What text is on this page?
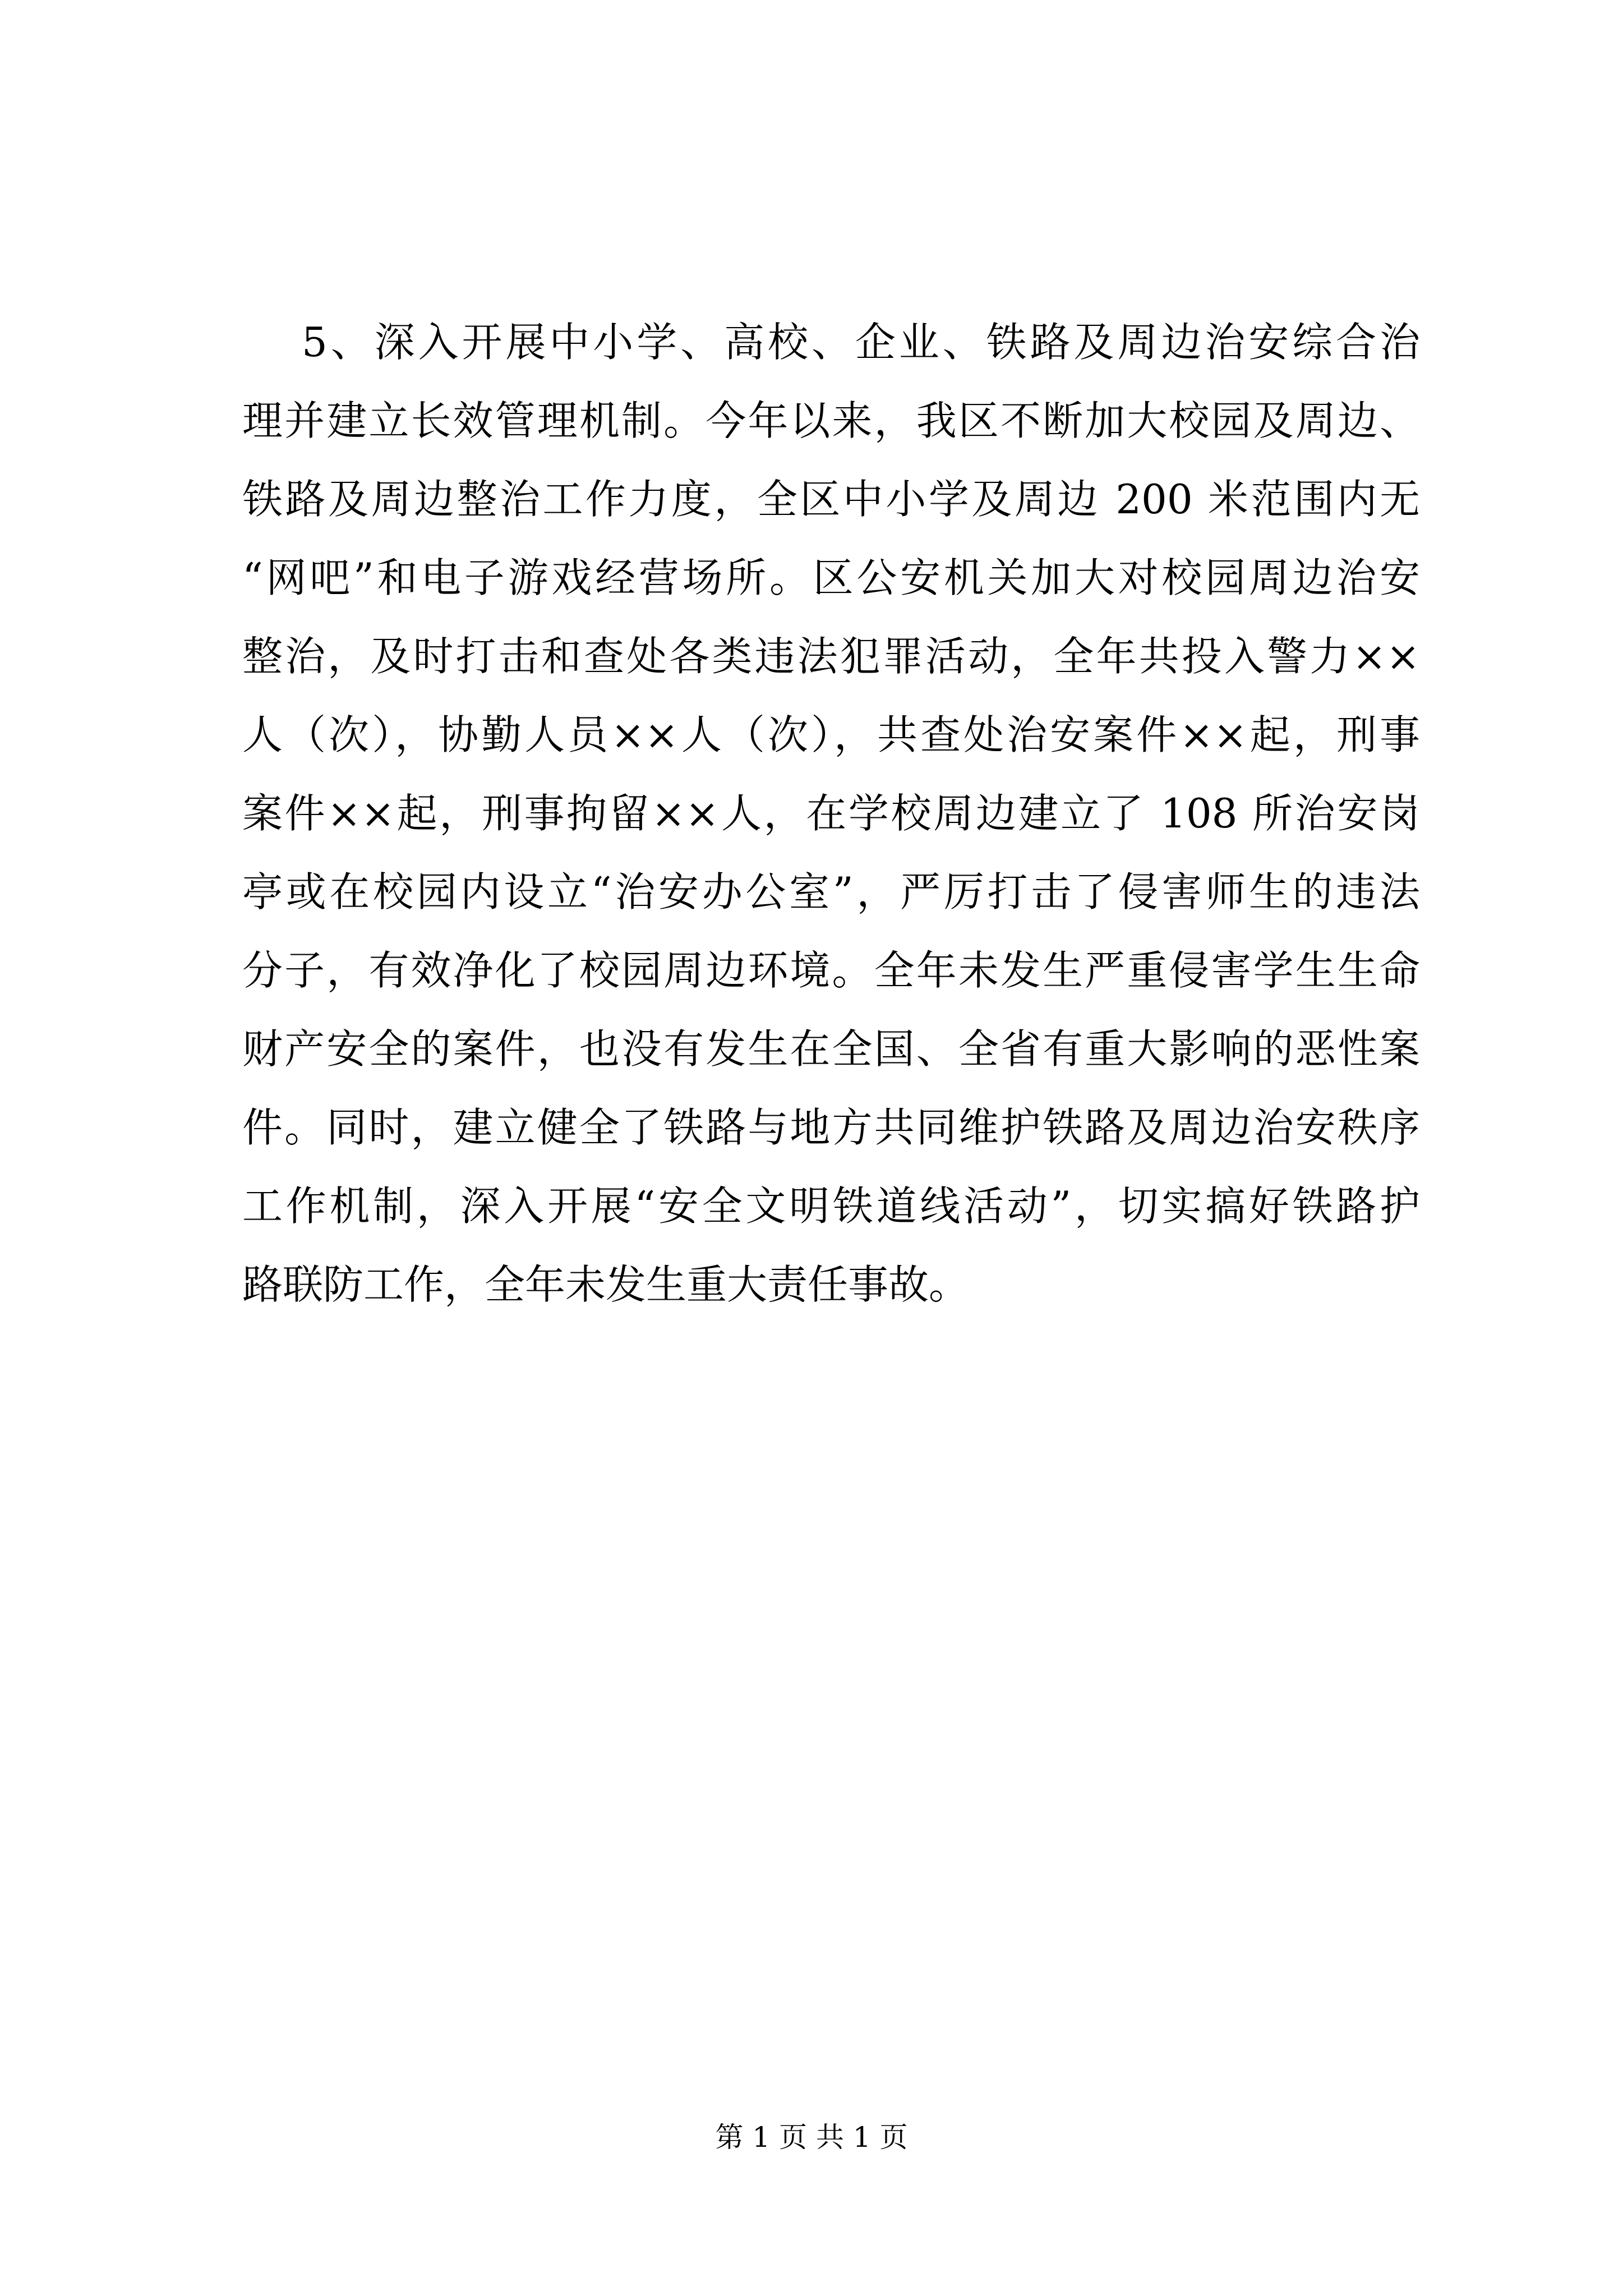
5、深入开展中小学、高校、企业、铁路及周边治安综合治
理并建立长效管理机制。今年以来，我区不断加大校园及周边、
铁路及周边整治工作力度，全区中小学及周边 200 米范围内无
“网吧”和电子游戏经营场所。区公安机关加大对校园周边治安
整治，及时打击和查处各类违法犯罪活动，全年共投入警力××
人（次），协勤人员××人（次），共查处治安案件××起，刑事
案件××起，刑事拘留××人，在学校周边建立了 108 所治安岗
亭或在校园内设立“治安办公室”，严厉打击了侵害师生的违法
分子，有效净化了校园周边环境。全年未发生严重侵害学生生命
财产安全的案件，也没有发生在全国、全省有重大影响的恶性案
件。同时，建立健全了铁路与地方共同维护铁路及周边治安秩序
工作机制，深入开展“安全文明铁道线活动”，切实搞好铁路护
路联防工作，全年未发生重大责任事故。
第 1 页 共 1 页
